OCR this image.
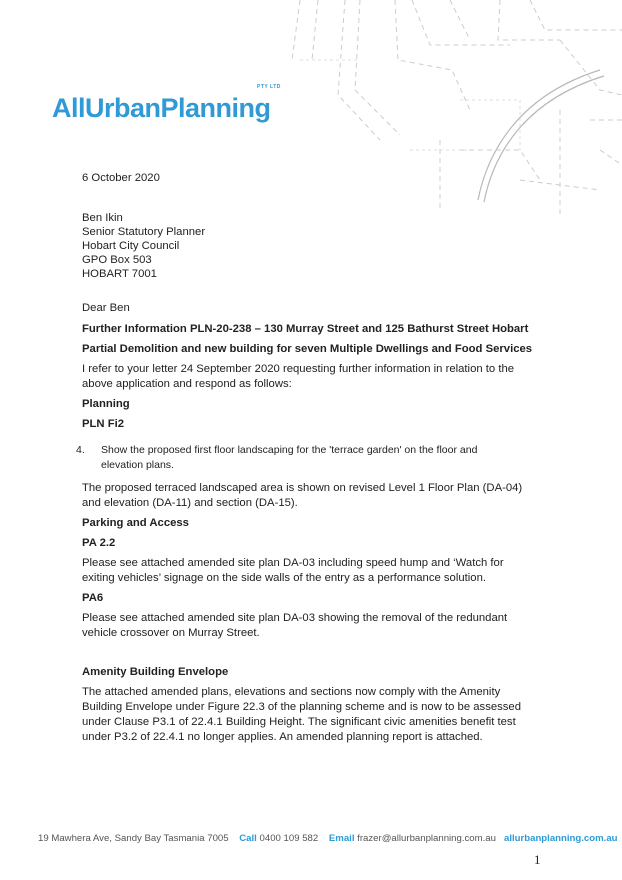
AllUrbanPlanning
PTY LTD
6 October 2020
Ben Ikin
Senior Statutory Planner
Hobart City Council
GPO Box 503
HOBART 7001
Dear Ben
Further Information PLN-20-238 – 130 Murray Street and 125 Bathurst Street Hobart
Partial Demolition and new building for seven Multiple Dwellings and Food Services
I refer to your letter 24 September 2020 requesting further information in relation to the above application and respond as follows:
Planning
PLN Fi2
4. Show the proposed first floor landscaping for the 'terrace garden' on the floor and elevation plans.
The proposed terraced landscaped area is shown on revised Level 1 Floor Plan (DA-04) and elevation (DA-11) and section (DA-15).
Parking and Access
PA 2.2
Please see attached amended site plan DA-03 including speed hump and ‘Watch for exiting vehicles’ signage on the side walls of the entry as a performance solution.
PA6
Please see attached amended site plan DA-03 showing the removal of the redundant vehicle crossover on Murray Street.
Amenity Building Envelope
The attached amended plans, elevations and sections now comply with the Amenity Building Envelope under Figure 22.3 of the planning scheme and is now to be assessed under Clause P3.1 of 22.4.1 Building Height. The significant civic amenities benefit test under P3.2 of 22.4.1 no longer applies. An amended planning report is attached.
19 Mawhera Ave, Sandy Bay Tasmania 7005 Call 0400 109 582 Email frazer@allurbanplanning.com.au allurbanplanning.com.au
1
